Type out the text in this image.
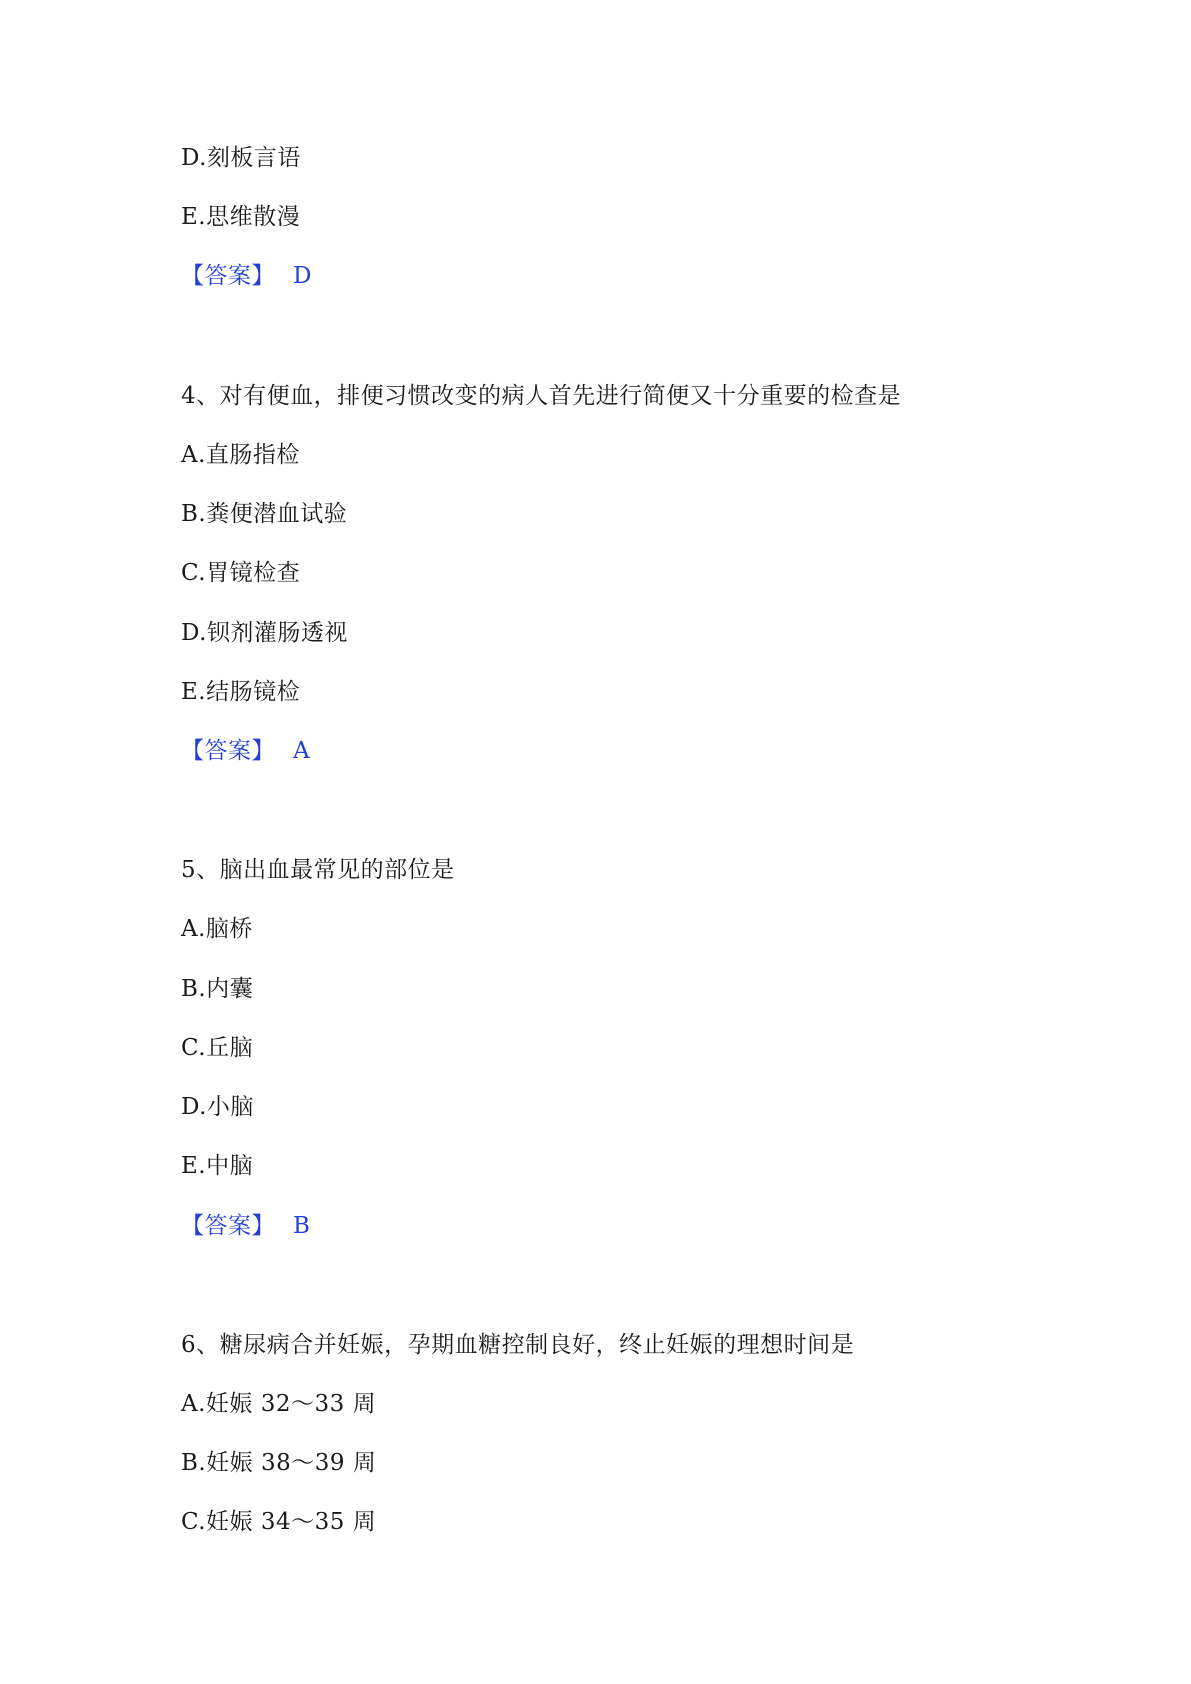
D.刻板言语
E.思维散漫
【答案】 D
4、对有便血，排便习惯改变的病人首先进行简便又十分重要的检查是
A.直肠指检
B.粪便潜血试验
C.胃镜检查
D.钡剂灌肠透视
E.结肠镜检
【答案】 A
5、脑出血最常见的部位是
A.脑桥
B.内囊
C.丘脑
D.小脑
E.中脑
【答案】 B
6、糖尿病合并妊娠，孕期血糖控制良好，终止妊娠的理想时间是
A.妊娠 32～33 周
B.妊娠 38～39 周
C.妊娠 34～35 周
